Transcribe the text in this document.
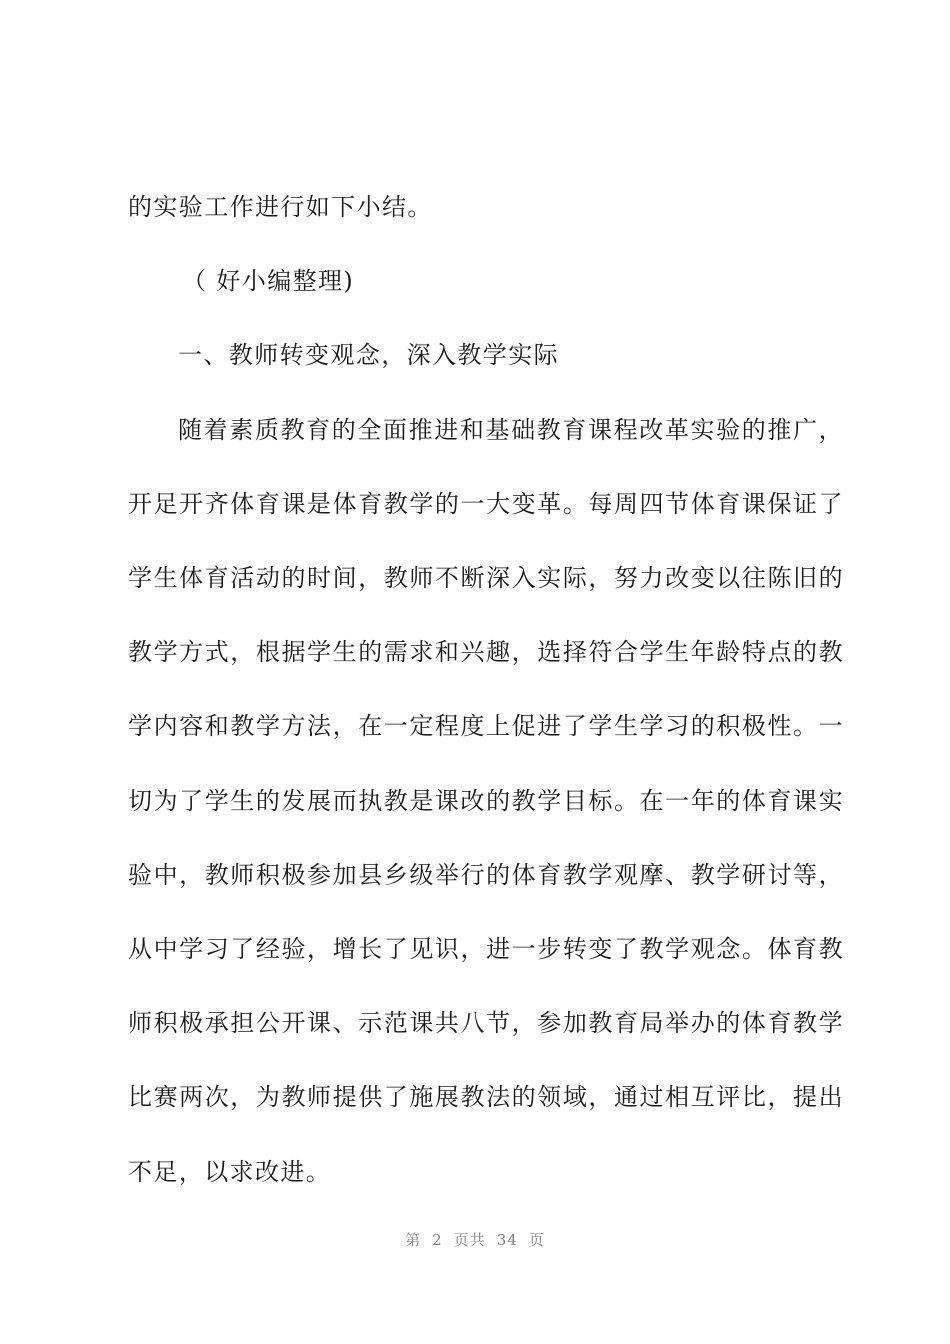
的实验工作进行如下小结。

（ 好小编整理)

一、教师转变观念，深入教学实际

随着素质教育的全面推进和基础教育课程改革实验的推广，开足开齐体育课是体育教学的一大变革。每周四节体育课保证了学生体育活动的时间，教师不断深入实际，努力改变以往陈旧的教学方式，根据学生的需求和兴趣，选择符合学生年龄特点的教学内容和教学方法，在一定程度上促进了学生学习的积极性。一切为了学生的发展而执教是课改的教学目标。在一年的体育课实验中，教师积极参加县乡级举行的体育教学观摩、教学研讨等，从中学习了经验，增长了见识，进一步转变了教学观念。体育教师积极承担公开课、示范课共八节，参加教育局举办的体育教学比赛两次，为教师提供了施展教法的领域，通过相互评比，提出不足，以求改进。

第 2 页共 34 页
